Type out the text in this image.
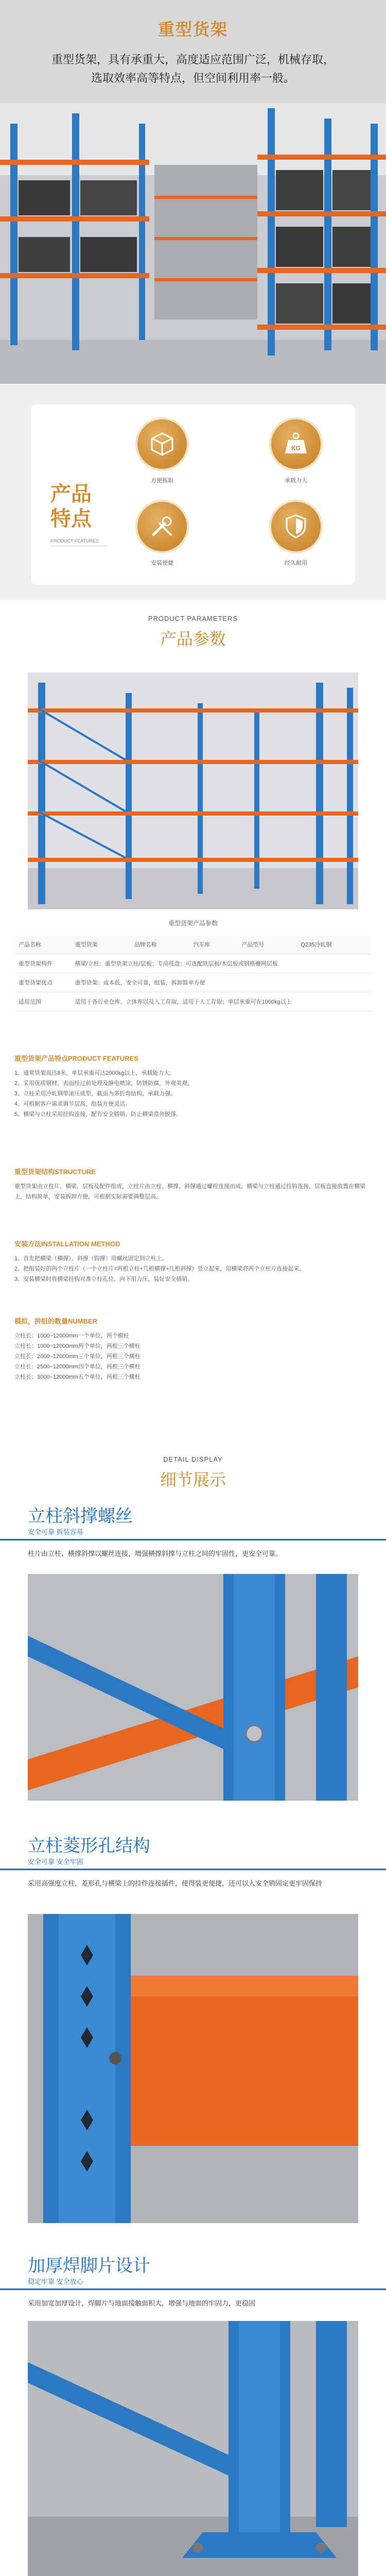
重型货架
重型货架，具有承重大，高度适应范围广泛，机械存取，选取效率高等特点，但空间利用率一般。
产品
特点
PRODUCT FEATURES
方便拣取
KG
承载力大
安装便捷	经久耐用
PRODUCT PARAMETERS
产品参数
重型货架产品参数
产品名称	重型货架	品牌名称	汽车库	产品型号	Q235冷轧钢
重型货架构件	横梁/立柱：重型货架立柱/层板；专用托盘：可选配铁层板/木层板或钢格栅网层板				
重型货架优点	重型货架：成本低，安全可靠，组装、拆卸简单方便				
适用范围	适用于各行业仓库、立体库以及人工存取，适用于人工存取；单层承重可在1000kg以上				
重型货架产品特点PRODUCT FEATURES

1、通常货架高达8米，单层承重可达2000kg以上，承载能力大。

2、采用优质钢材，表面经过前处理及静电喷涂，防锈防腐，外观美观。

3、立柱采用冷轧钢带滚压成型，截面为多折弯结构，承载力强。

4、可根据客户需求调节层高，组装方便灵活。

5、横梁与立柱采用挂钩连接，配有安全插销，防止横梁意外脱落。

重型货架结构STRUCTURE

重型货架由立柱片、横梁、层板及配件组成，立柱片由立柱、横撑、斜撑通过螺栓连接而成，横梁与立柱通过挂钩连接，层板直接放置在横梁上，结构简单，安装拆卸方便，可根据实际需要调整层高。

安装方法INSTALLATION METHOD

1、首先把横梁（横撑）、斜撑（钩撑）用螺丝固定到立柱上。

2、把组装好的两个立柱片（一个立柱片=两根立柱+几根横撑+几根斜撑）竖立起来，用横梁将两个立柱片连接起来。

3、安装横梁时将横梁挂钩对准立柱孔位，向下用力压，装好安全插销。

模拟，拼组的数量NUMBER

立柱长：1000~12000mm一个单位，两个横柱

立柱长：1000~12000mm两个单位，两根三个横柱

立柱长：2000~12000mm三个单位，两根三个横柱

立柱长：2500~12000mm四个单位，两根三个横柱

立柱长：3000~12000mm五个单位，两根三个横柱

DETAIL DISPLAY
细节展示
立柱斜撑螺丝
安全可靠 拆装容易
柱片由立柱、横撑斜撑以螺丝连接，增强横撑斜撑与立柱之间的牢固性，更安全可靠。
立柱菱形孔结构
安全可靠 安全牢固
采用高强度立柱，菱形孔与横梁上的挂件连接插件，使得装更便捷，还可以入安全销固定更牢固保持
加厚焊脚片设计
稳定牢靠 安全放心
采用加宽加厚设计，焊脚片与地面接触面积大，增强与地面的牢固力，更稳固
